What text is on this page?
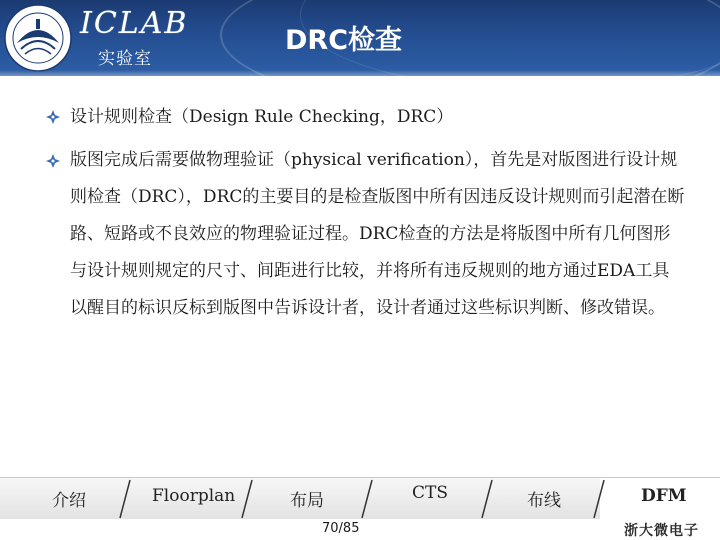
ICLAB
实验室
DRC检查
设计规则检查（Design Rule Checking，DRC）
版图完成后需要做物理验证（physical verification），首先是对版图进行设计规则检查（DRC），DRC的主要目的是检查版图中所有因违反设计规则而引起潜在断路、短路或不良效应的物理验证过程。DRC检查的方法是将版图中所有几何图形与设计规则规定的尺寸、间距进行比较，并将所有违反规则的地方通过EDA工具以醒目的标识反标到版图中告诉设计者，设计者通过这些标识判断、修改错误。
介绍	Floorplan	布局	CTS	布线	DFM
70/85	浙大微电子
